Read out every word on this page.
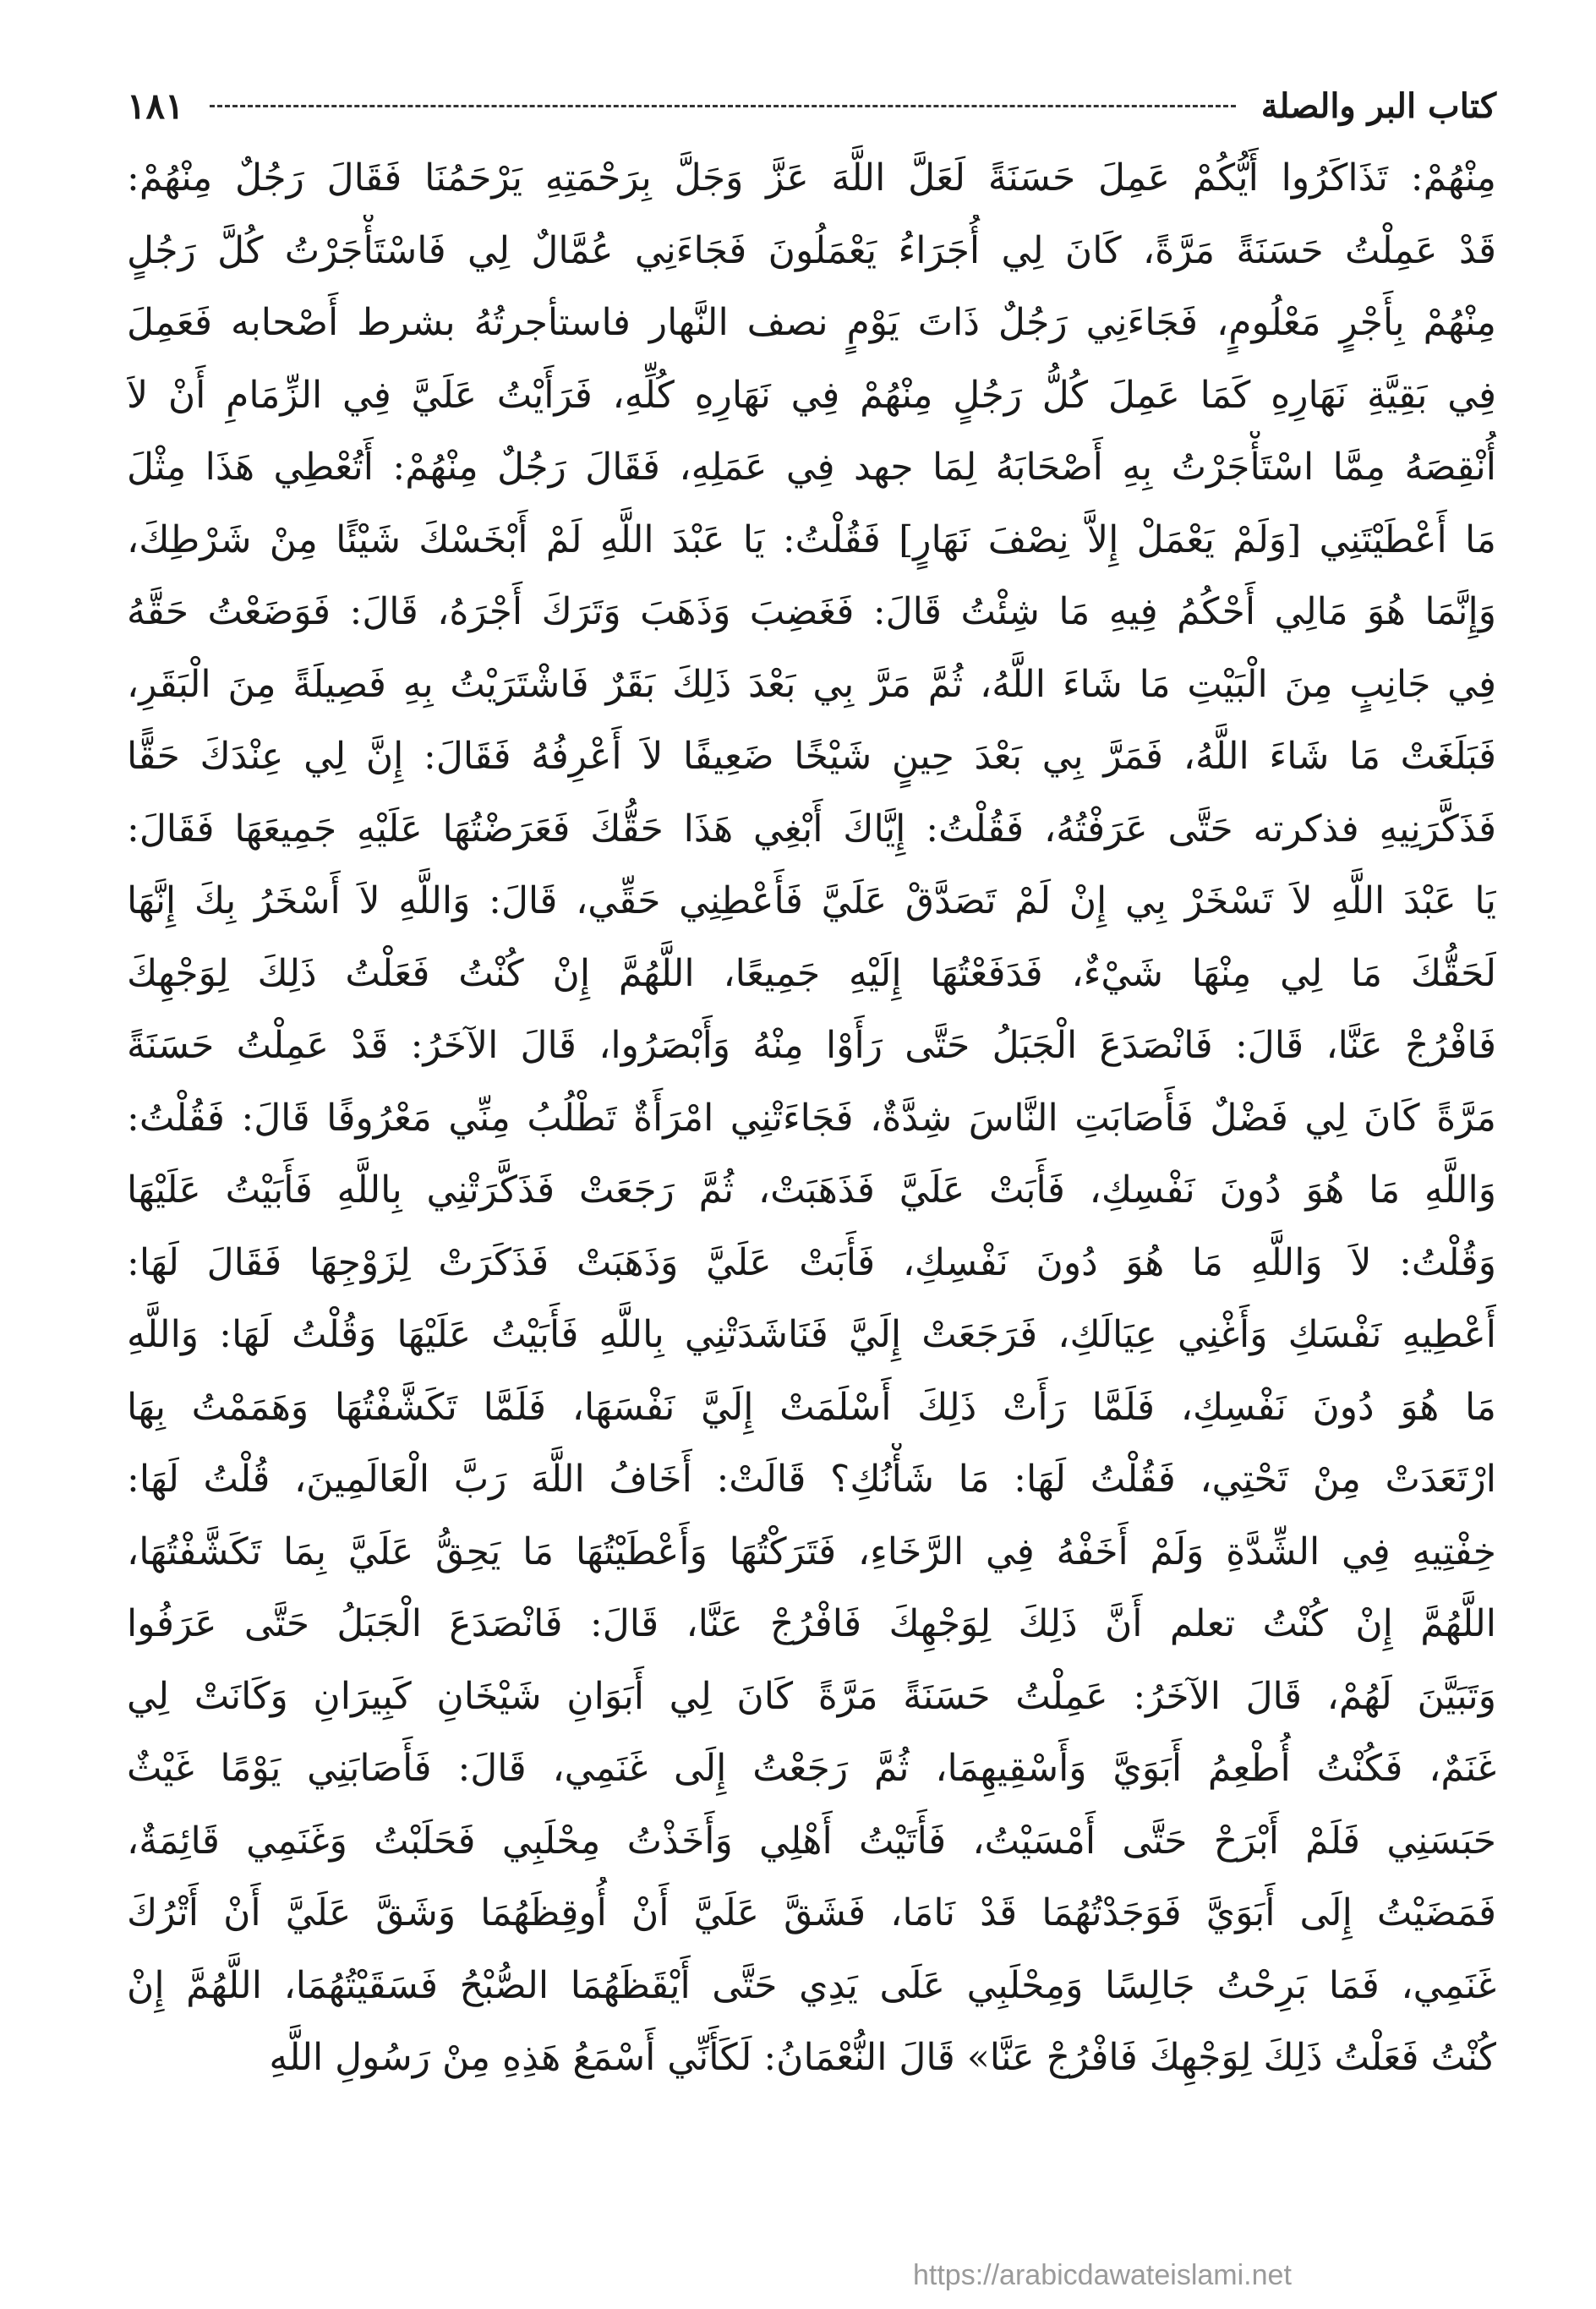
كتاب البر والصلة
١٨١
مِنْهُمْ: تَذَاكَرُوا أَيُّكُمْ عَمِلَ حَسَنَةً لَعَلَّ اللَّهَ عَزَّ وَجَلَّ بِرَحْمَتِهِ يَرْحَمُنَا فَقَالَ رَجُلٌ مِنْهُمْ:
قَدْ عَمِلْتُ حَسَنَةً مَرَّةً، كَانَ لِي أُجَرَاءُ يَعْمَلُونَ فَجَاءَنِي عُمَّالٌ لِي فَاسْتَأْجَرْتُ كُلَّ رَجُلٍ
مِنْهُمْ بِأَجْرٍ مَعْلُومٍ، فَجَاءَنِي رَجُلٌ ذَاتَ يَوْمٍ نصف النَّهار فاستأجرتُهُ بشرط أَصْحابه فَعَمِلَ
فِي بَقِيَّةِ نَهَارِهِ كَمَا عَمِلَ كُلُّ رَجُلٍ مِنْهُمْ فِي نَهَارِهِ كُلِّهِ، فَرَأَيْتُ عَلَيَّ فِي الزِّمَامِ أَنْ لاَ
أُنْقِصَهُ مِمَّا اسْتَأْجَرْتُ بِهِ أَصْحَابَهُ لِمَا جهد فِي عَمَلِهِ، فَقَالَ رَجُلٌ مِنْهُمْ: أَتُعْطِي هَذَا مِثْلَ
مَا أَعْطَيْتَنِي [وَلَمْ يَعْمَلْ إِلاَّ نِصْفَ نَهَارٍ] فَقُلْتُ: يَا عَبْدَ اللَّهِ لَمْ أَبْخَسْكَ شَيْئًا مِنْ شَرْطِكَ،
وَإِنَّمَا هُوَ مَالِي أَحْكُمُ فِيهِ مَا شِئْتُ قَالَ: فَغَضِبَ وَذَهَبَ وَتَرَكَ أَجْرَهُ، قَالَ: فَوَضَعْتُ حَقَّهُ
فِي جَانِبٍ مِنَ الْبَيْتِ مَا شَاءَ اللَّهُ، ثُمَّ مَرَّ بِي بَعْدَ ذَلِكَ بَقَرٌ فَاشْتَرَيْتُ بِهِ فَصِيلَةً مِنَ الْبَقَرِ،
فَبَلَغَتْ مَا شَاءَ اللَّهُ، فَمَرَّ بِي بَعْدَ حِينٍ شَيْخًا ضَعِيفًا لاَ أَعْرِفُهُ فَقَالَ: إِنَّ لِي عِنْدَكَ حَقًّا
فَذَكَّرَنِيهِ فذكرته حَتَّى عَرَفْتُهُ، فَقُلْتُ: إِيَّاكَ أَبْغِي هَذَا حَقُّكَ فَعَرَضْتُهَا عَلَيْهِ جَمِيعَهَا فَقَالَ:
يَا عَبْدَ اللَّهِ لاَ تَسْخَرْ بِي إِنْ لَمْ تَصَدَّقْ عَلَيَّ فَأَعْطِنِي حَقِّي، قَالَ: وَاللَّهِ لاَ أَسْخَرُ بِكَ إِنَّهَا
لَحَقُّكَ مَا لِي مِنْهَا شَيْءٌ، فَدَفَعْتُهَا إِلَيْهِ جَمِيعًا، اللَّهُمَّ إِنْ كُنْتُ فَعَلْتُ ذَلِكَ لِوَجْهِكَ
فَافْرُجْ عَنَّا، قَالَ: فَانْصَدَعَ الْجَبَلُ حَتَّى رَأَوْا مِنْهُ وَأَبْصَرُوا، قَالَ الآخَرُ: قَدْ عَمِلْتُ حَسَنَةً
مَرَّةً كَانَ لِي فَضْلٌ فَأَصَابَتِ النَّاسَ شِدَّةٌ، فَجَاءَتْنِي امْرَأَةٌ تَطْلُبُ مِنِّي مَعْرُوفًا قَالَ: فَقُلْتُ:
وَاللَّهِ مَا هُوَ دُونَ نَفْسِكِ، فَأَبَتْ عَلَيَّ فَذَهَبَتْ، ثُمَّ رَجَعَتْ فَذَكَّرَتْنِي بِاللَّهِ فَأَبَيْتُ عَلَيْهَا
وَقُلْتُ: لاَ وَاللَّهِ مَا هُوَ دُونَ نَفْسِكِ، فَأَبَتْ عَلَيَّ وَذَهَبَتْ فَذَكَرَتْ لِزَوْجِهَا فَقَالَ لَهَا:
أَعْطِيهِ نَفْسَكِ وَأَغْنِي عِيَالَكِ، فَرَجَعَتْ إِلَيَّ فَنَاشَدَتْنِي بِاللَّهِ فَأَبَيْتُ عَلَيْهَا وَقُلْتُ لَهَا: وَاللَّهِ
مَا هُوَ دُونَ نَفْسِكِ، فَلَمَّا رَأَتْ ذَلِكَ أَسْلَمَتْ إِلَيَّ نَفْسَهَا، فَلَمَّا تَكَشَّفْتُهَا وَهَمَمْتُ بِهَا
ارْتَعَدَتْ مِنْ تَحْتِي، فَقُلْتُ لَهَا: مَا شَأْنُكِ؟ قَالَتْ: أَخَافُ اللَّهَ رَبَّ الْعَالَمِينَ، قُلْتُ لَهَا:
خِفْتِيهِ فِي الشِّدَّةِ وَلَمْ أَخَفْهُ فِي الرَّخَاءِ، فَتَرَكْتُهَا وَأَعْطَيْتُهَا مَا يَحِقُّ عَلَيَّ بِمَا تَكَشَّفْتُهَا،
اللَّهُمَّ إِنْ كُنْتُ تعلم أَنَّ ذَلِكَ لِوَجْهِكَ فَافْرُجْ عَنَّا، قَالَ: فَانْصَدَعَ الْجَبَلُ حَتَّى عَرَفُوا
وَتَبَيَّنَ لَهُمْ، قَالَ الآخَرُ: عَمِلْتُ حَسَنَةً مَرَّةً كَانَ لِي أَبَوَانِ شَيْخَانِ كَبِيرَانِ وَكَانَتْ لِي
غَنَمٌ، فَكُنْتُ أُطْعِمُ أَبَوَيَّ وَأَسْقِيهِمَا، ثُمَّ رَجَعْتُ إِلَى غَنَمِي، قَالَ: فَأَصَابَنِي يَوْمًا غَيْثٌ
حَبَسَنِي فَلَمْ أَبْرَحْ حَتَّى أَمْسَيْتُ، فَأَتَيْتُ أَهْلِي وَأَخَذْتُ مِحْلَبِي فَحَلَبْتُ وَغَنَمِي قَائِمَةٌ،
فَمَضَيْتُ إِلَى أَبَوَيَّ فَوَجَدْتُهُمَا قَدْ نَامَا، فَشَقَّ عَلَيَّ أَنْ أُوقِظَهُمَا وَشَقَّ عَلَيَّ أَنْ أَتْرُكَ
غَنَمِي، فَمَا بَرِحْتُ جَالِسًا وَمِحْلَبِي عَلَى يَدِي حَتَّى أَيْقَظَهُمَا الصُّبْحُ فَسَقَيْتُهُمَا، اللَّهُمَّ إِنْ
كُنْتُ فَعَلْتُ ذَلِكَ لِوَجْهِكَ فَافْرُجْ عَنَّا» قَالَ النُّعْمَانُ: لَكَأَنِّي أَسْمَعُ هَذِهِ مِنْ رَسُولِ اللَّهِ
https://arabicdawateislami.net
